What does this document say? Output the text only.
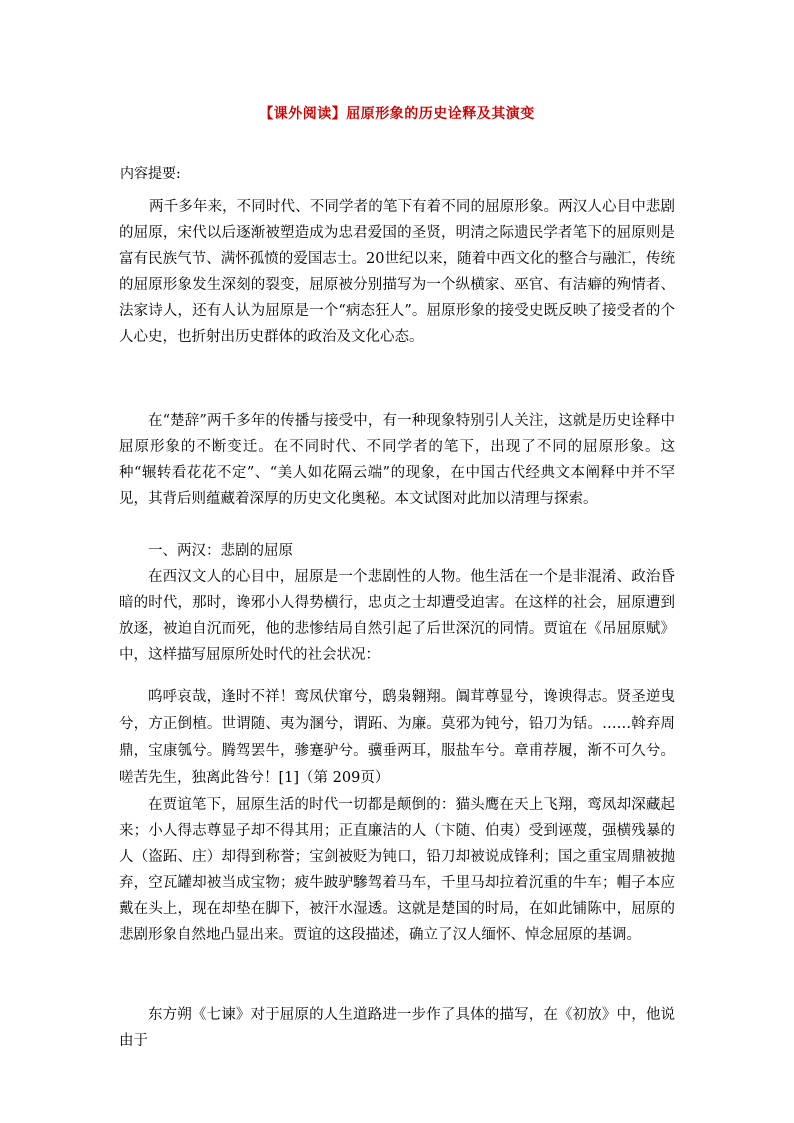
【课外阅读】屈原形象的历史诠释及其演变
内容提要:

两千多年来，不同时代、不同学者的笔下有着不同的屈原形象。两汉人心目中悲剧的屈原，宋代以后逐渐被塑造成为忠君爱国的圣贤，明清之际遗民学者笔下的屈原则是富有民族气节、满怀孤愤的爱国志士。20世纪以来，随着中西文化的整合与融汇，传统的屈原形象发生深刻的裂变，屈原被分别描写为一个纵横家、巫官、有洁癖的殉情者、法家诗人，还有人认为屈原是一个“病态狂人”。屈原形象的接受史既反映了接受者的个人心史，也折射出历史群体的政治及文化心态。

在“楚辞”两千多年的传播与接受中，有一种现象特别引人关注，这就是历史诠释中屈原形象的不断变迁。在不同时代、不同学者的笔下，出现了不同的屈原形象。这种“辗转看花花不定”、“美人如花隔云端”的现象，在中国古代经典文本阐释中并不罕见，其背后则蕴藏着深厚的历史文化奥秘。本文试图对此加以清理与探索。

一、两汉：悲剧的屈原

在西汉文人的心目中，屈原是一个悲剧性的人物。他生活在一个是非混淆、政治昏暗的时代，那时，谗邪小人得势横行，忠贞之士却遭受迫害。在这样的社会，屈原遭到放逐，被迫自沉而死，他的悲惨结局自然引起了后世深沉的同情。贾谊在《吊屈原赋》中，这样描写屈原所处时代的社会状况：

呜呼哀哉，逢时不祥！鸾凤伏窜兮，鸱枭翱翔。阘茸尊显兮，谗谀得志。贤圣逆曳兮，方正倒植。世谓随、夷为溷兮，谓跖、为廉。莫邪为钝兮，铅刀为铦。……斡弃周鼎，宝康瓠兮。腾驾罢牛，骖蹇驴兮。骥垂两耳，服盐车兮。章甫荐履，渐不可久兮。嗟苦先生，独离此咎兮！[1]（第 209页）

在贾谊笔下，屈原生活的时代一切都是颠倒的：猫头鹰在天上飞翔，鸾凤却深藏起来；小人得志尊显子却不得其用；正直廉洁的人（卞随、伯夷）受到诬蔑，强横残暴的人（盗跖、庄）却得到称誉；宝剑被贬为钝口，铅刀却被说成锋利；国之重宝周鼎被抛弃，空瓦罐却被当成宝物；疲牛跛驴驂驾着马车，千里马却拉着沉重的牛车；帽子本应戴在头上，现在却垫在脚下，被汗水湿透。这就是楚国的时局，在如此铺陈中，屈原的悲剧形象自然地凸显出来。贾谊的这段描述，确立了汉人缅怀、悼念屈原的基调。

东方朔《七谏》对于屈原的人生道路进一步作了具体的描写，在《初放》中，他说由于
